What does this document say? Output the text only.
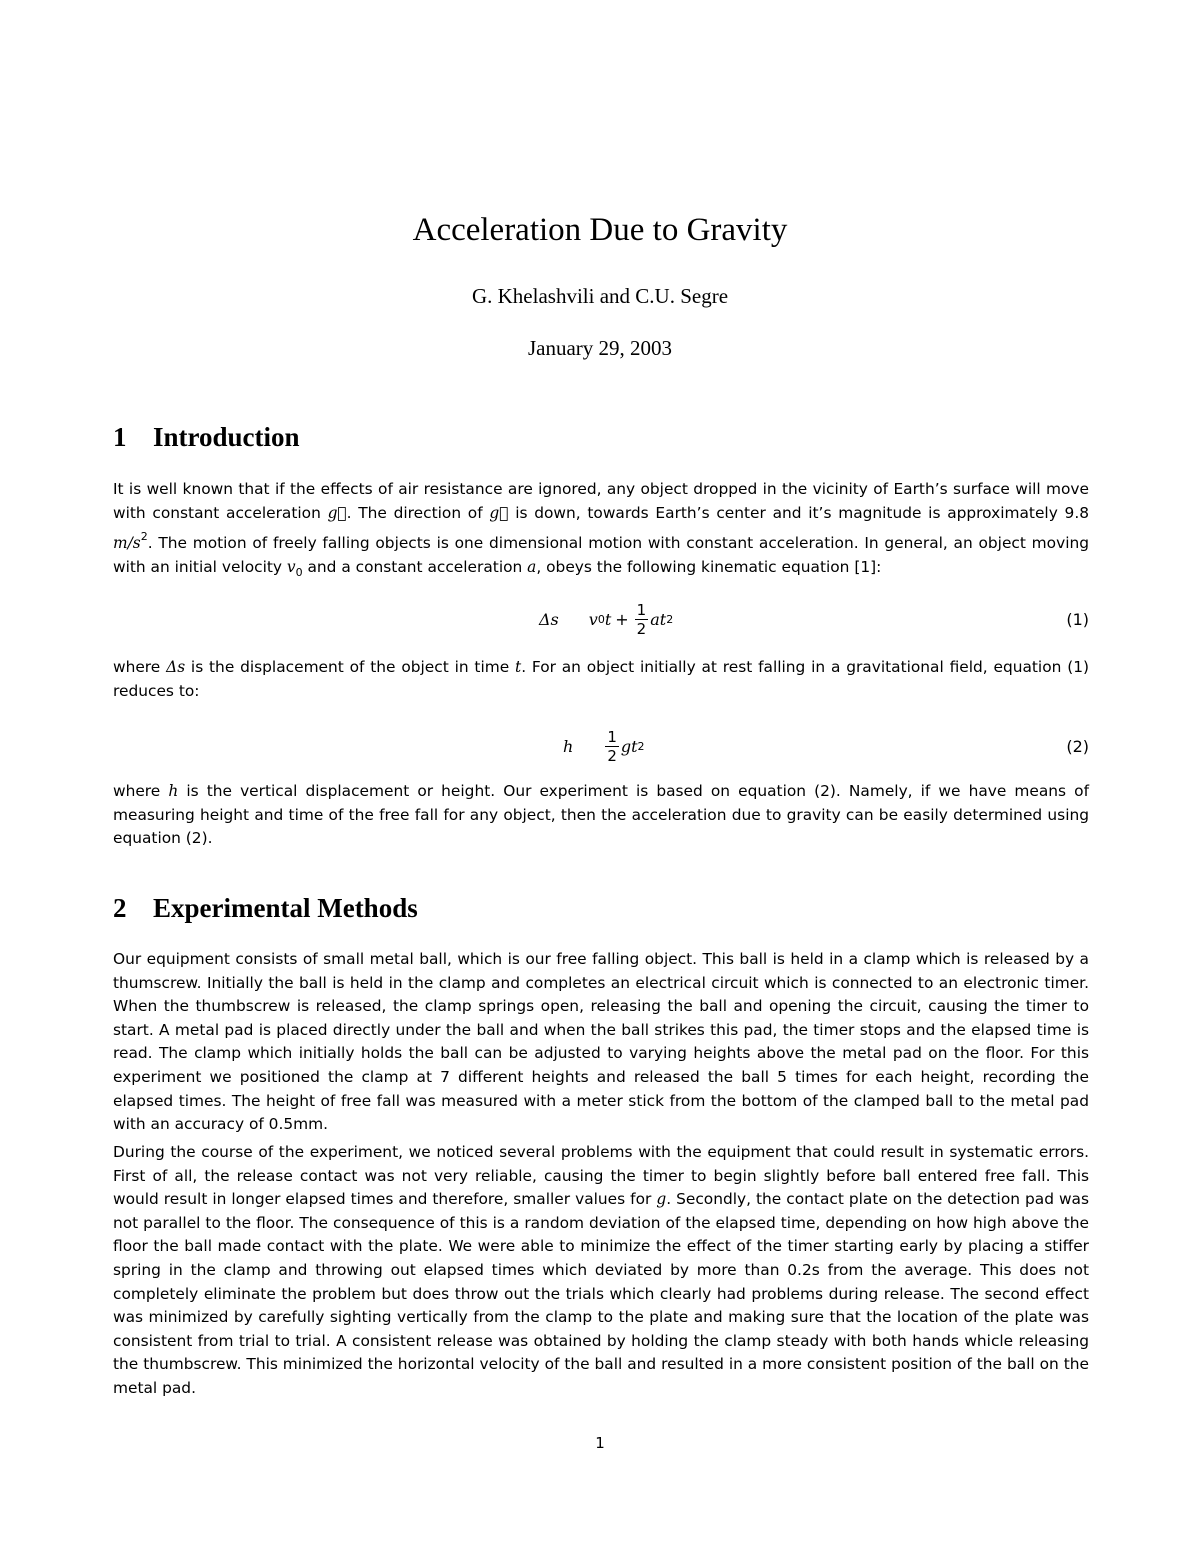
Acceleration Due to Gravity
G. Khelashvili and C.U. Segre
January 29, 2003
1 Introduction
It is well known that if the effects of air resistance are ignored, any object dropped in the vicinity of Earth’s surface will move with constant acceleration g⃗. The direction of g⃗ is down, towards Earth’s center and it’s magnitude is approximately 9.8 $m/s^2$. The motion of freely falling objects is one dimensional motion with constant acceleration. In general, an object moving with an initial velocity $v_0$ and a constant acceleration a, obeys the following kinematic equation [1]:
Δs v 0 $t + \frac{1}{2}$ a t 2	(1)
where Δs is the displacement of the object in time t. For an object initially at rest falling in a gravitational field, equation (1) reduces to:
h $\frac{1}{2}$ g t 2	(2)
where h is the vertical displacement or height. Our experiment is based on equation (2). Namely, if we have means of measuring height and time of the free fall for any object, then the acceleration due to gravity can be easily determined using equation (2).
2 Experimental Methods
Our equipment consists of small metal ball, which is our free falling object. This ball is held in a clamp which is released by a thumscrew. Initially the ball is held in the clamp and completes an electrical circuit which is connected to an electronic timer. When the thumbscrew is released, the clamp springs open, releasing the ball and opening the circuit, causing the timer to start. A metal pad is placed directly under the ball and when the ball strikes this pad, the timer stops and the elapsed time is read. The clamp which initially holds the ball can be adjusted to varying heights above the metal pad on the floor. For this experiment we positioned the clamp at 7 different heights and released the ball 5 times for each height, recording the elapsed times. The height of free fall was measured with a meter stick from the bottom of the clamped ball to the metal pad with an accuracy of 0.5mm.
During the course of the experiment, we noticed several problems with the equipment that could result in systematic errors. First of all, the release contact was not very reliable, causing the timer to begin slightly before ball entered free fall. This would result in longer elapsed times and therefore, smaller values for g. Secondly, the contact plate on the detection pad was not parallel to the floor. The consequence of this is a random deviation of the elapsed time, depending on how high above the floor the ball made contact with the plate. We were able to minimize the effect of the timer starting early by placing a stiffer spring in the clamp and throwing out elapsed times which deviated by more than 0.2s from the average. This does not completely eliminate the problem but does throw out the trials which clearly had problems during release. The second effect was minimized by carefully sighting vertically from the clamp to the plate and making sure that the location of the plate was consistent from trial to trial. A consistent release was obtained by holding the clamp steady with both hands whicle releasing the thumbscrew. This minimized the horizontal velocity of the ball and resulted in a more consistent position of the ball on the metal pad.
1
